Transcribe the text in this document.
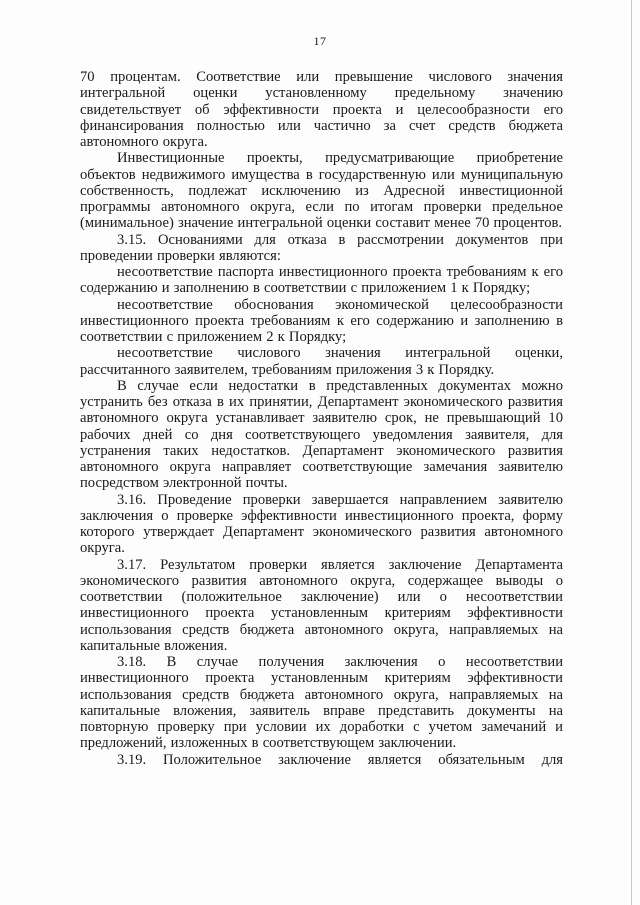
17

70 процентам. Соответствие или превышение числового значения интегральной оценки установленному предельному значению свидетельствует об эффективности проекта и целесообразности его финансирования полностью или частично за счет средств бюджета автономного округа.

Инвестиционные проекты, предусматривающие приобретение объектов недвижимого имущества в государственную или муниципальную собственность, подлежат исключению из Адресной инвестиционной программы автономного округа, если по итогам проверки предельное (минимальное) значение интегральной оценки составит менее 70 процентов.

3.15. Основаниями для отказа в рассмотрении документов при проведении проверки являются:

несоответствие паспорта инвестиционного проекта требованиям к его содержанию и заполнению в соответствии с приложением 1 к Порядку;

несоответствие обоснования экономической целесообразности инвестиционного проекта требованиям к его содержанию и заполнению в соответствии с приложением 2 к Порядку;

несоответствие числового значения интегральной оценки, рассчитанного заявителем, требованиям приложения 3 к Порядку.

В случае если недостатки в представленных документах можно устранить без отказа в их принятии, Департамент экономического развития автономного округа устанавливает заявителю срок, не превышающий 10 рабочих дней со дня соответствующего уведомления заявителя, для устранения таких недостатков. Департамент экономического развития автономного округа направляет соответствующие замечания заявителю посредством электронной почты.

3.16. Проведение проверки завершается направлением заявителю заключения о проверке эффективности инвестиционного проекта, форму которого утверждает Департамент экономического развития автономного округа.

3.17. Результатом проверки является заключение Департамента экономического развития автономного округа, содержащее выводы о соответствии (положительное заключение) или о несоответствии инвестиционного проекта установленным критериям эффективности использования средств бюджета автономного округа, направляемых на капитальные вложения.

3.18. В случае получения заключения о несоответствии инвестиционного проекта установленным критериям эффективности использования средств бюджета автономного округа, направляемых на капитальные вложения, заявитель вправе представить документы на повторную проверку при условии их доработки с учетом замечаний и предложений, изложенных в соответствующем заключении.

3.19. Положительное заключение является обязательным для
